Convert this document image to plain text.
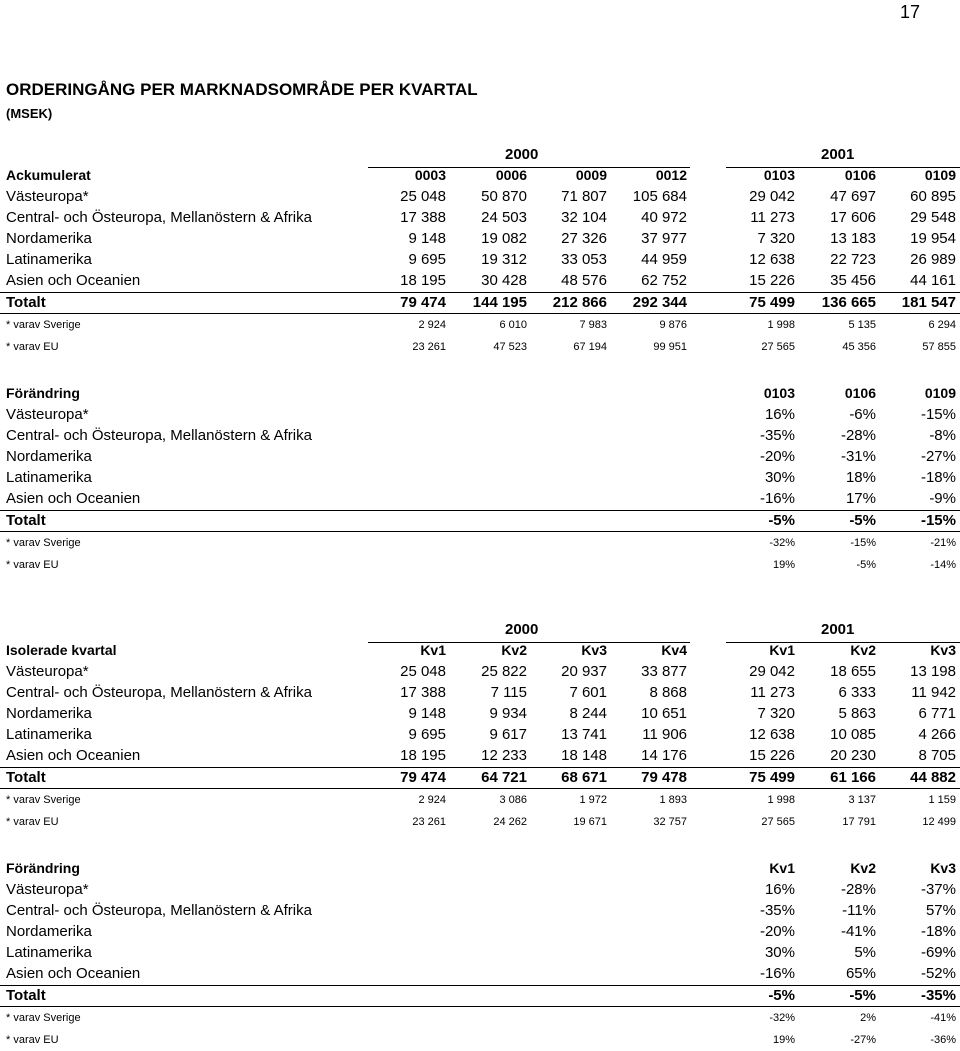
17
ORDERINGÅNG PER MARKNADSOMRÅDE PER KVARTAL
(MSEK)
2000	2001
Ackumulerat	0003	0006	0009	0012	0103	0106	0109
Västeuropa*	25 048	50 870	71 807	105 684	29 042	47 697	60 895
Central- och Östeuropa, Mellanöstern & Afrika	17 388	24 503	32 104	40 972	11 273	17 606	29 548
Nordamerika	9 148	19 082	27 326	37 977	7 320	13 183	19 954
Latinamerika	9 695	19 312	33 053	44 959	12 638	22 723	26 989
Asien och Oceanien	18 195	30 428	48 576	62 752	15 226	35 456	44 161
Totalt	79 474	144 195	212 866	292 344	75 499	136 665	181 547
* varav Sverige	2 924	6 010	7 983	9 876	1 998	5 135	6 294
* varav EU	23 261	47 523	67 194	99 951	27 565	45 356	57 855
Förändring	0103	0106	0109
Västeuropa*	16%	-6%	-15%
Central- och Östeuropa, Mellanöstern & Afrika	-35%	-28%	-8%
Nordamerika	-20%	-31%	-27%
Latinamerika	30%	18%	-18%
Asien och Oceanien	-16%	17%	-9%
Totalt	-5%	-5%	-15%
* varav Sverige	-32%	-15%	-21%
* varav EU	19%	-5%	-14%
2000	2001
Isolerade kvartal	Kv1	Kv2	Kv3	Kv4	Kv1	Kv2	Kv3
Västeuropa*	25 048	25 822	20 937	33 877	29 042	18 655	13 198
Central- och Östeuropa, Mellanöstern & Afrika	17 388	7 115	7 601	8 868	11 273	6 333	11 942
Nordamerika	9 148	9 934	8 244	10 651	7 320	5 863	6 771
Latinamerika	9 695	9 617	13 741	11 906	12 638	10 085	4 266
Asien och Oceanien	18 195	12 233	18 148	14 176	15 226	20 230	8 705
Totalt	79 474	64 721	68 671	79 478	75 499	61 166	44 882
* varav Sverige	2 924	3 086	1 972	1 893	1 998	3 137	1 159
* varav EU	23 261	24 262	19 671	32 757	27 565	17 791	12 499
Förändring	Kv1	Kv2	Kv3
Västeuropa*	16%	-28%	-37%
Central- och Östeuropa, Mellanöstern & Afrika	-35%	-11%	57%
Nordamerika	-20%	-41%	-18%
Latinamerika	30%	5%	-69%
Asien och Oceanien	-16%	65%	-52%
Totalt	-5%	-5%	-35%
* varav Sverige	-32%	2%	-41%
* varav EU	19%	-27%	-36%
